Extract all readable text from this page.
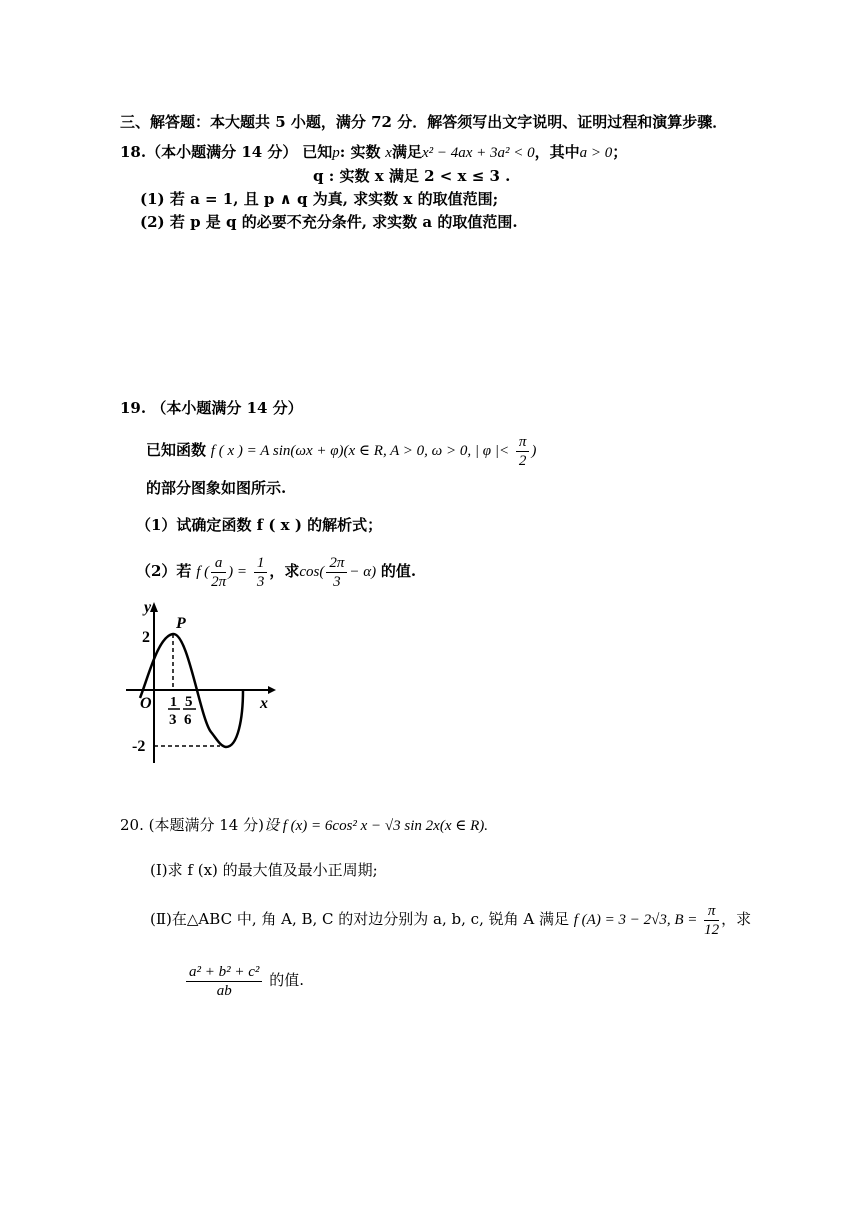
三、解答题：本大题共 5 小题，满分 72 分．解答须写出文字说明、证明过程和演算步骤．
18.（本小题满分 14 分） 已知p: 实数 x满足x² − 4ax + 3a² < 0，其中a > 0；
q : 实数 x 满足 2 < x ≤ 3 .
(1) 若 a = 1, 且 p ∧ q 为真, 求实数 x 的取值范围;
(2) 若 p 是 q 的必要不充分条件, 求实数 a 的取值范围.
19. （本小题满分 14 分）
已知函数 f ( x ) = A sin(ωx + φ)(x ∈ R, A > 0, ω > 0, | φ |< $\frac{\pi}{2}$ )
的部分图象如图所示.
（1）试确定函数 f ( x ) 的解析式；
（2）若 f ( $\frac{a}{2\pi}$ ) = $\frac{1}{3}$ ，求$\cos( \frac{2\pi}{3} - \alpha)$ 的值.
y
x
O
P
2
-2
1
3
5
6
20. (本题满分 14 分)设 f (x) = 6cos² x − √3 sin 2x(x ∈ R).
(Ⅰ)求 f (x) 的最大值及最小正周期;
(Ⅱ)在△ABC 中, 角 A, B, C 的对边分别为 a, b, c, 锐角 A 满足 f (A) = 3 − 2√3, $B = \frac{\pi}{12}$ ，求
$\frac{\text{a² + b² + c²}}{ab}$ 的值.
